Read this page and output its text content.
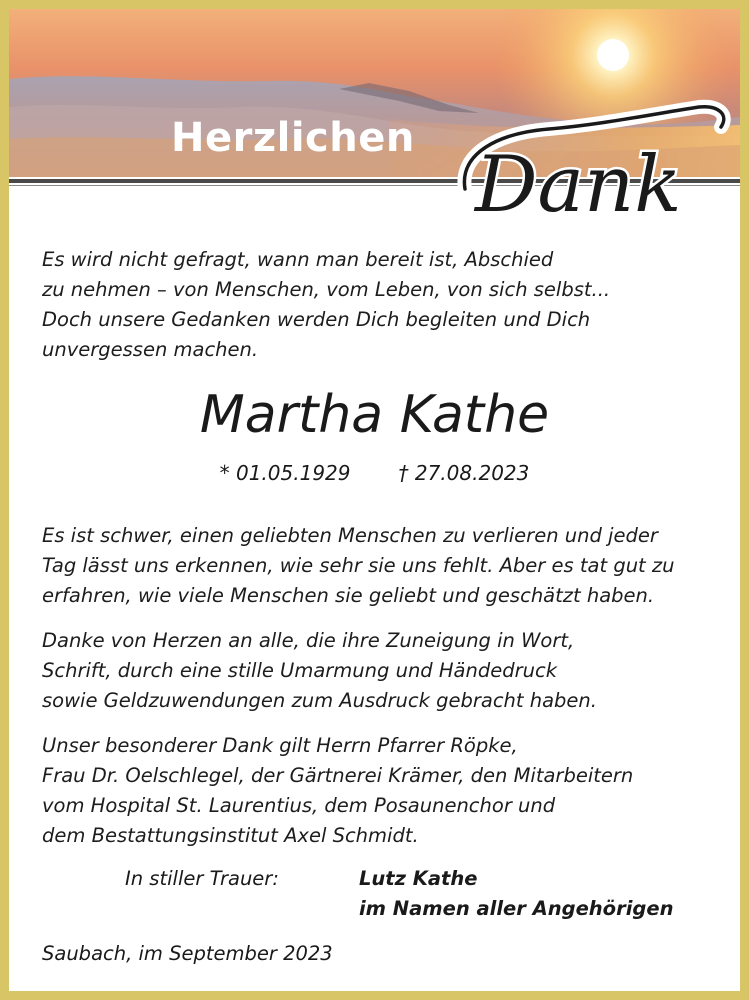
Herzlichen
Dank

Es wird nicht gefragt, wann man bereit ist, Abschied
zu nehmen – von Menschen, vom Leben, von sich selbst...
Doch unsere Gedanken werden Dich begleiten und Dich
unvergessen machen.

Martha Kathe
* 01.05.1929 † 27.08.2023

Es ist schwer, einen geliebten Menschen zu verlieren und jeder
Tag lässt uns erkennen, wie sehr sie uns fehlt. Aber es tat gut zu
erfahren, wie viele Menschen sie geliebt und geschätzt haben.

Danke von Herzen an alle, die ihre Zuneigung in Wort,
Schrift, durch eine stille Umarmung und Händedruck
sowie Geldzuwendungen zum Ausdruck gebracht haben.

Unser besonderer Dank gilt Herrn Pfarrer Röpke,
Frau Dr. Oelschlegel, der Gärtnerei Krämer, den Mitarbeitern
vom Hospital St. Laurentius, dem Posaunenchor und
dem Bestattungsinstitut Axel Schmidt.

In stiller Trauer:	Lutz Kathe
im Namen aller Angehörigen
Saubach, im September 2023
